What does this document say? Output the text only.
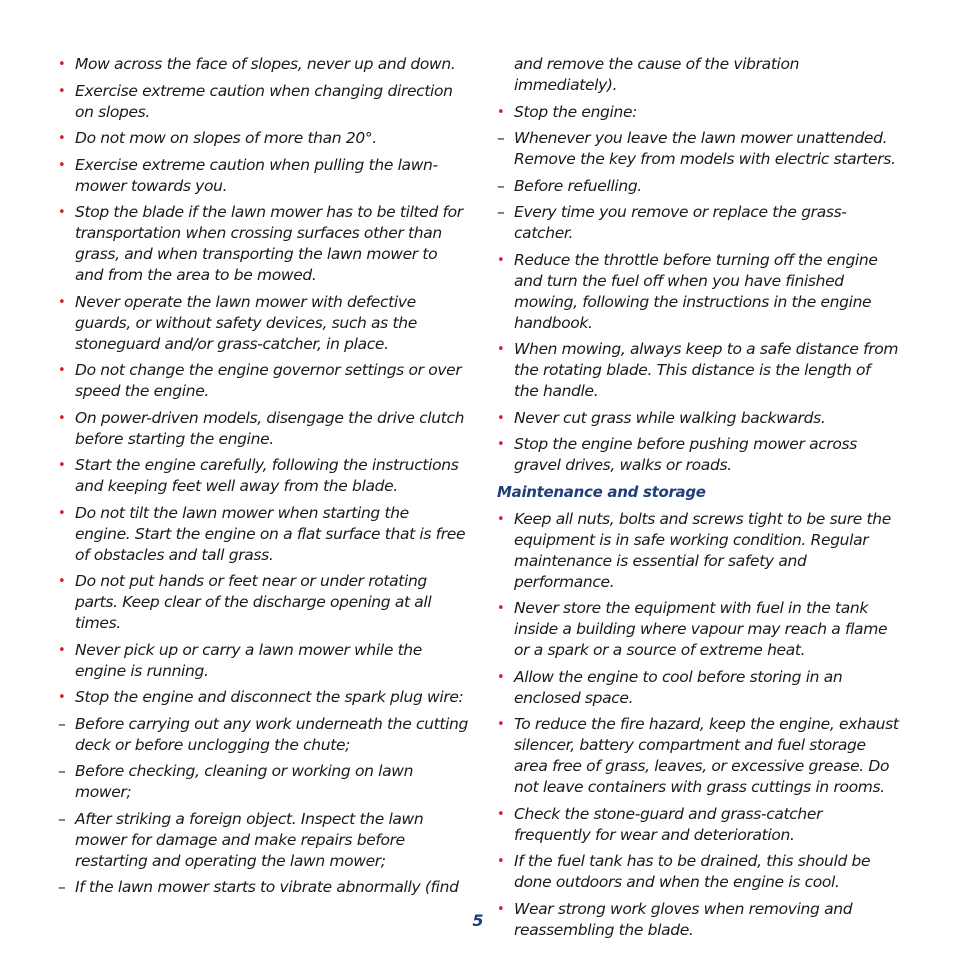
• Mow across the face of slopes, never up and down.
• Exercise extreme caution when changing direction on slopes.
• Do not mow on slopes of more than 20°.
• Exercise extreme caution when pulling the lawn- mower towards you.
• Stop the blade if the lawn mower has to be tilted for transportation when crossing surfaces other than grass, and when transporting the lawn mower to and from the area to be mowed.
• Never operate the lawn mower with defective guards, or without safety devices, such as the stoneguard and/or grass-catcher, in place.
• Do not change the engine governor settings or over speed the engine.
• On power-driven models, disengage the drive clutch before starting the engine.
• Start the engine carefully, following the instructions and keeping feet well away from the blade.
• Do not tilt the lawn mower when starting the engine. Start the engine on a flat surface that is free of obstacles and tall grass.
• Do not put hands or feet near or under rotating parts. Keep clear of the discharge opening at all times.
• Never pick up or carry a lawn mower while the engine is running.
• Stop the engine and disconnect the spark plug wire:
– Before carrying out any work underneath the cutting deck or before unclogging the chute;
– Before checking, cleaning or working on lawn mower;
– After striking a foreign object. Inspect the lawn mower for damage and make repairs before restarting and operating the lawn mower;
– If the lawn mower starts to vibrate abnormally (find
and remove the cause of the vibration immediately).
• Stop the engine:
– Whenever you leave the lawn mower unattended. Remove the key from models with electric starters.
– Before refuelling.
– Every time you remove or replace the grass-catcher.
• Reduce the throttle before turning off the engine and turn the fuel off when you have finished mowing, following the instructions in the engine handbook.
• When mowing, always keep to a safe distance from the rotating blade. This distance is the length of the handle.
• Never cut grass while walking backwards.
• Stop the engine before pushing mower across gravel drives, walks or roads.
Maintenance and storage
• Keep all nuts, bolts and screws tight to be sure the equipment is in safe working condition. Regular maintenance is essential for safety and performance.
• Never store the equipment with fuel in the tank inside a building where vapour may reach a flame or a spark or a source of extreme heat.
• Allow the engine to cool before storing in an enclosed space.
• To reduce the fire hazard, keep the engine, exhaust silencer, battery compartment and fuel storage area free of grass, leaves, or excessive grease. Do not leave containers with grass cuttings in rooms.
• Check the stone-guard and grass-catcher frequently for wear and deterioration.
• If the fuel tank has to be drained, this should be done outdoors and when the engine is cool.
• Wear strong work gloves when removing and reassembling the blade.
5
